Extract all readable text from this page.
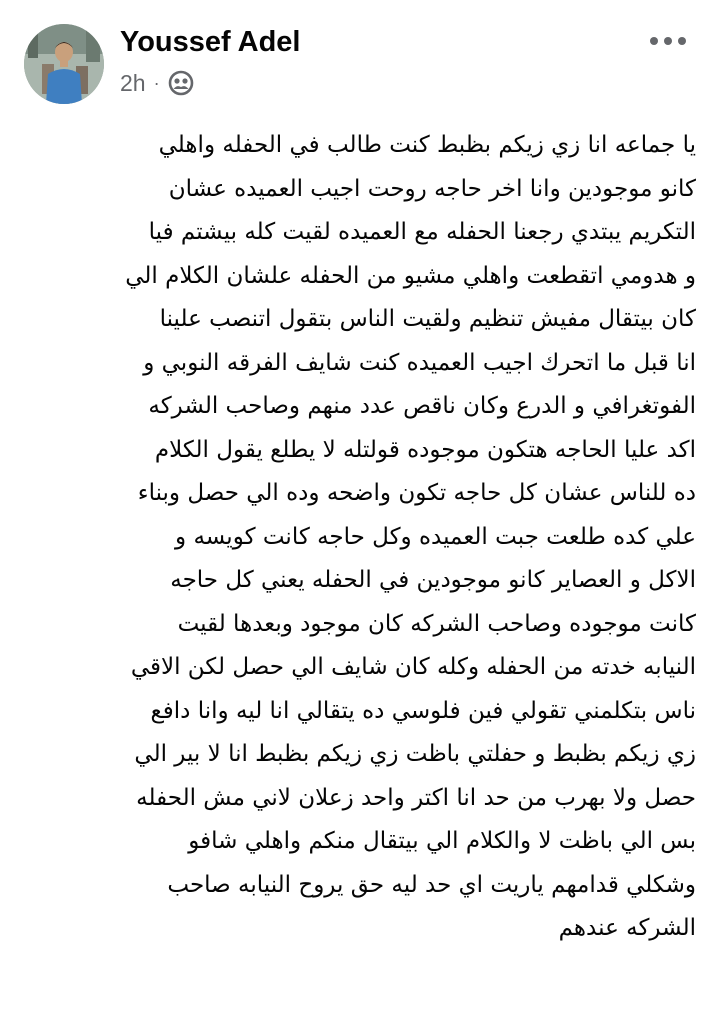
Youssef Adel
2h ·
يا جماعه انا زي زيكم بظبط كنت طالب في الحفله واهلي
كانو موجودين وانا اخر حاجه روحت اجيب العميده عشان
التكريم يبتدي رجعنا الحفله مع العميده لقيت كله بيشتم فيا
و هدومي اتقطعت واهلي مشيو من الحفله علشان الكلام الي
كان بيتقال مفيش تنظيم ولقيت الناس بتقول اتنصب علينا
انا قبل ما اتحرك اجيب العميده كنت شايف الفرقه النوبي و
الفوتغرافي و الدرع وكان ناقص عدد منهم وصاحب الشركه
اكد عليا الحاجه هتكون موجوده قولتله لا يطلع يقول الكلام
ده للناس عشان كل حاجه تكون واضحه وده الي حصل وبناء
علي كده طلعت جبت العميده وكل حاجه كانت كويسه و
الاكل و العصاير كانو موجودين في الحفله يعني كل حاجه
كانت موجوده وصاحب الشركه كان موجود وبعدها لقيت
النيابه خدته من الحفله وكله كان شايف الي حصل لكن الاقي
ناس بتكلمني تقولي فين فلوسي ده يتقالي انا ليه وانا دافع
زي زيكم بظبط و حفلتي باظت زي زيكم بظبط انا لا بير الي
حصل ولا بهرب من حد انا اكتر واحد زعلان لاني مش الحفله
بس الي باظت لا والكلام الي بيتقال منكم واهلي شافو
وشكلي قدامهم ياريت اي حد ليه حق يروح النيابه صاحب
الشركه عندهم
